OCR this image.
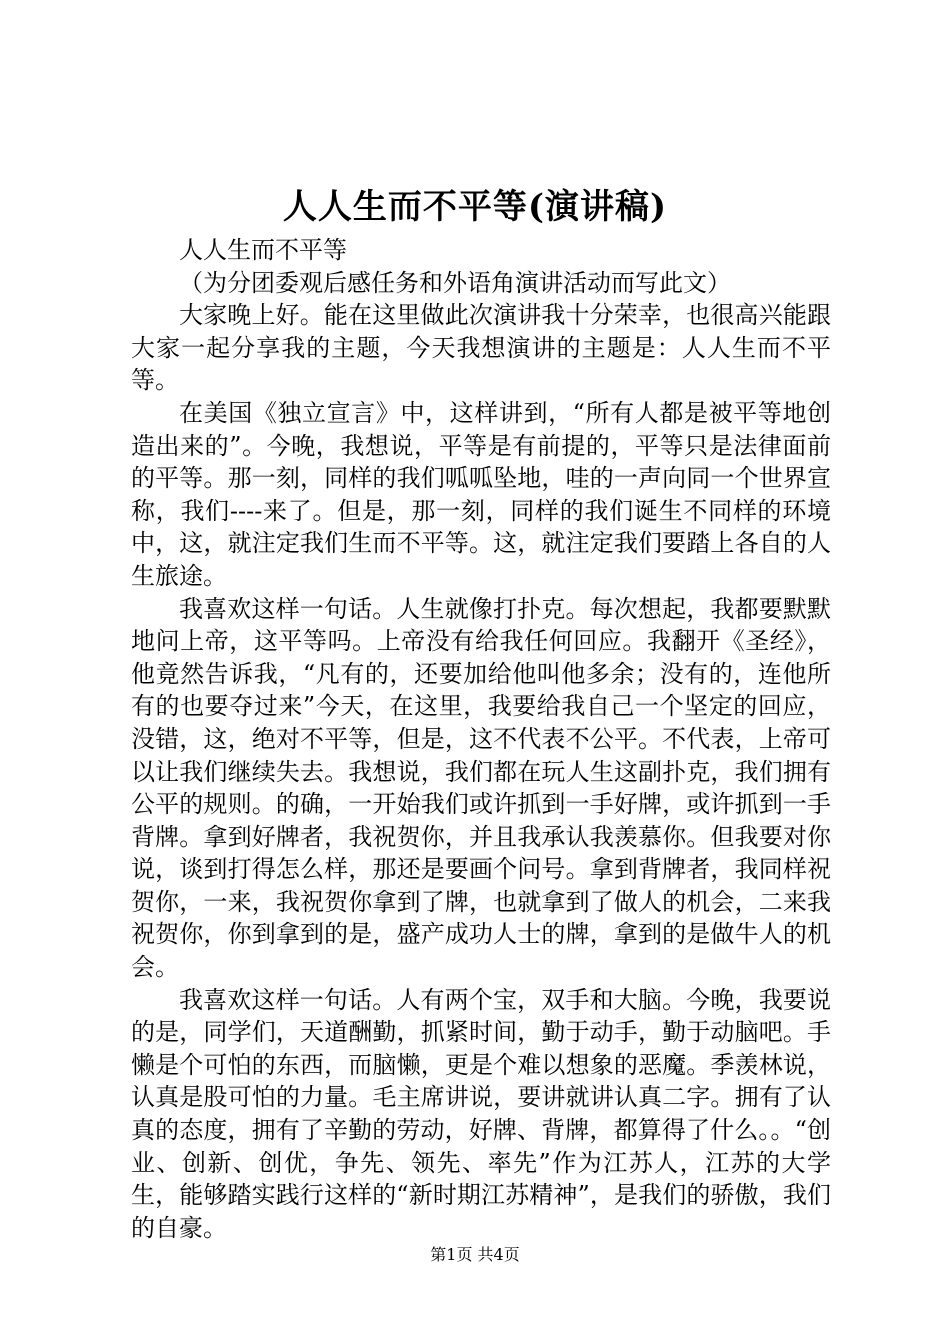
人人生而不平等(演讲稿)

人人生而不平等

（为分团委观后感任务和外语角演讲活动而写此文）

大家晚上好。能在这里做此次演讲我十分荣幸，也很高兴能跟大家一起分享我的主题，今天我想演讲的主题是：人人生而不平等。

在美国《独立宣言》中，这样讲到，“所有人都是被平等地创造出来的”。今晚，我想说，平等是有前提的，平等只是法律面前的平等。那一刻，同样的我们呱呱坠地，哇的一声向同一个世界宣称，我们----来了。但是，那一刻，同样的我们诞生不同样的环境中，这，就注定我们生而不平等。这，就注定我们要踏上各自的人生旅途。

我喜欢这样一句话。人生就像打扑克。每次想起，我都要默默地问上帝，这平等吗。上帝没有给我任何回应。我翻开《圣经》，他竟然告诉我，“凡有的，还要加给他叫他多余；没有的，连他所有的也要夺过来”今天，在这里，我要给我自己一个坚定的回应，没错，这，绝对不平等，但是，这不代表不公平。不代表，上帝可以让我们继续失去。我想说，我们都在玩人生这副扑克，我们拥有公平的规则。的确，一开始我们或许抓到一手好牌，或许抓到一手背牌。拿到好牌者，我祝贺你，并且我承认我羡慕你。但我要对你说，谈到打得怎么样，那还是要画个问号。拿到背牌者，我同样祝贺你，一来，我祝贺你拿到了牌，也就拿到了做人的机会，二来我祝贺你，你到拿到的是，盛产成功人士的牌，拿到的是做牛人的机会。

我喜欢这样一句话。人有两个宝，双手和大脑。今晚，我要说的是，同学们，天道酬勤，抓紧时间，勤于动手，勤于动脑吧。手懒是个可怕的东西，而脑懒，更是个难以想象的恶魔。季羡林说，认真是股可怕的力量。毛主席讲说，要讲就讲认真二字。拥有了认真的态度，拥有了辛勤的劳动，好牌、背牌，都算得了什么。。“创业、创新、创优，争先、领先、率先”作为江苏人，江苏的大学生，能够踏实践行这样的“新时期江苏精神”，是我们的骄傲，我们的自豪。

第1页 共4页
